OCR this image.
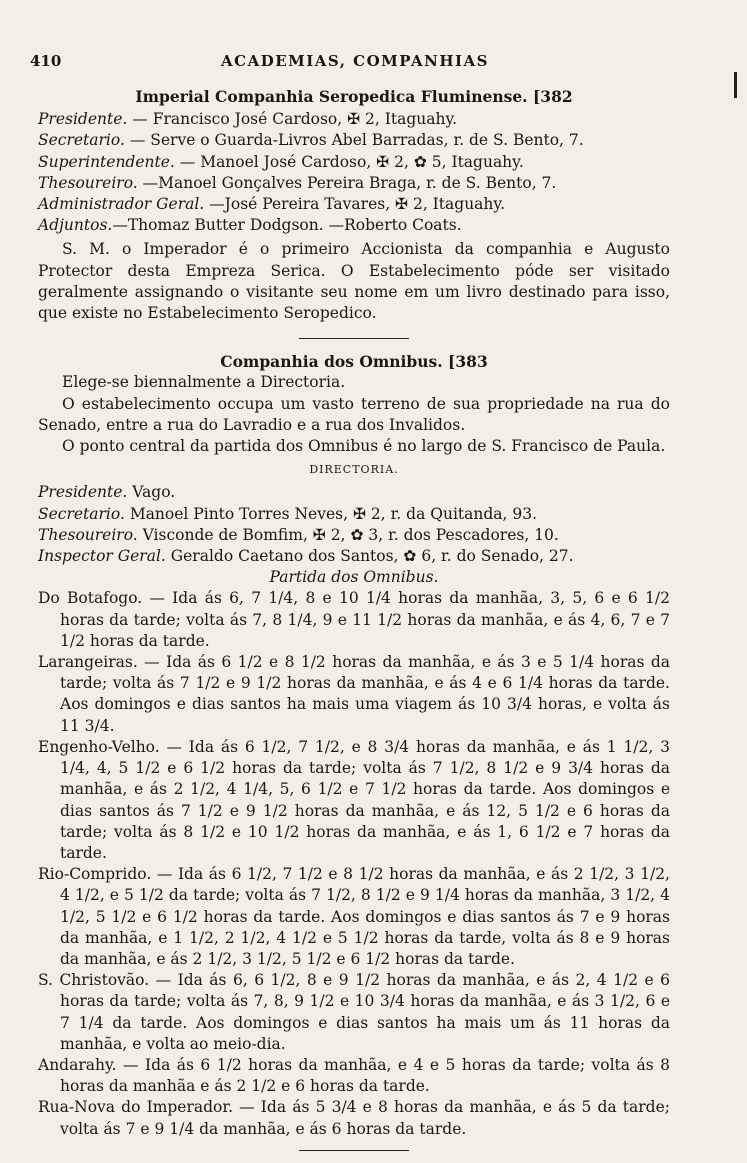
410	ACADEMIAS, COMPANHIAS
Imperial Companhia Seropedica Fluminense. [382
Presidente. — Francisco José Cardoso, ✠ 2, Itaguahy.
Secretario. — Serve o Guarda-Livros Abel Barradas, r. de S. Bento, 7.
Superintendente. — Manoel José Cardoso, ✠ 2, ✿ 5, Itaguahy.
Thesoureiro. —Manoel Gonçalves Pereira Braga, r. de S. Bento, 7.
Administrador Geral. —José Pereira Tavares, ✠ 2, Itaguahy.
Adjuntos.—Thomaz Butter Dodgson. —Roberto Coats.
S. M. o Imperador é o primeiro Accionista da companhia e Augusto Protector desta Empreza Serica. O Estabelecimento póde ser visitado geralmente assignando o visitante seu nome em um livro destinado para isso, que existe no Estabelecimento Seropedico.
Companhia dos Omnibus. [383
Elege-se biennalmente a Directoria.
O estabelecimento occupa um vasto terreno de sua propriedade na rua do Senado, entre a rua do Lavradio e a rua dos Invalidos.
O ponto central da partida dos Omnibus é no largo de S. Francisco de Paula.
DIRECTORIA.
Presidente. Vago.
Secretario. Manoel Pinto Torres Neves, ✠ 2, r. da Quitanda, 93.
Thesoureiro. Visconde de Bomfim, ✠ 2, ✿ 3, r. dos Pescadores, 10.
Inspector Geral. Geraldo Caetano dos Santos, ✿ 6, r. do Senado, 27.
Partida dos Omnibus.
Do Botafogo. — Ida ás 6, 7 1/4, 8 e 10 1/4 horas da manhãa, 3, 5, 6 e 6 1/2 horas da tarde; volta ás 7, 8 1/4, 9 e 11 1/2 horas da manhãa, e ás 4, 6, 7 e 7 1/2 horas da tarde.
Larangeiras. — Ida ás 6 1/2 e 8 1/2 horas da manhãa, e ás 3 e 5 1/4 horas da tarde; volta ás 7 1/2 e 9 1/2 horas da manhãa, e ás 4 e 6 1/4 horas da tarde. Aos domingos e dias santos ha mais uma viagem ás 10 3/4 horas, e volta ás 11 3/4.
Engenho-Velho. — Ida ás 6 1/2, 7 1/2, e 8 3/4 horas da manhãa, e ás 1 1/2, 3 1/4, 4, 5 1/2 e 6 1/2 horas da tarde; volta ás 7 1/2, 8 1/2 e 9 3/4 horas da manhãa, e ás 2 1/2, 4 1/4, 5, 6 1/2 e 7 1/2 horas da tarde. Aos domingos e dias santos ás 7 1/2 e 9 1/2 horas da manhãa, e ás 12, 5 1/2 e 6 horas da tarde; volta ás 8 1/2 e 10 1/2 horas da manhãa, e ás 1, 6 1/2 e 7 horas da tarde.
Rio-Comprido. — Ida ás 6 1/2, 7 1/2 e 8 1/2 horas da manhãa, e ás 2 1/2, 3 1/2, 4 1/2, e 5 1/2 da tarde; volta ás 7 1/2, 8 1/2 e 9 1/4 horas da manhãa, 3 1/2, 4 1/2, 5 1/2 e 6 1/2 horas da tarde. Aos domingos e dias santos ás 7 e 9 horas da manhãa, e 1 1/2, 2 1/2, 4 1/2 e 5 1/2 horas da tarde, volta ás 8 e 9 horas da manhãa, e ás 2 1/2, 3 1/2, 5 1/2 e 6 1/2 horas da tarde.
S. Christovão. — Ida ás 6, 6 1/2, 8 e 9 1/2 horas da manhãa, e ás 2, 4 1/2 e 6 horas da tarde; volta ás 7, 8, 9 1/2 e 10 3/4 horas da manhãa, e ás 3 1/2, 6 e 7 1/4 da tarde. Aos domingos e dias santos ha mais um ás 11 horas da manhãa, e volta ao meio-dia.
Andarahy. — Ida ás 6 1/2 horas da manhãa, e 4 e 5 horas da tarde; volta ás 8 horas da manhãa e ás 2 1/2 e 6 horas da tarde.
Rua-Nova do Imperador. — Ida ás 5 3/4 e 8 horas da manhãa, e ás 5 da tarde; volta ás 7 e 9 1/4 da manhãa, e ás 6 horas da tarde.
